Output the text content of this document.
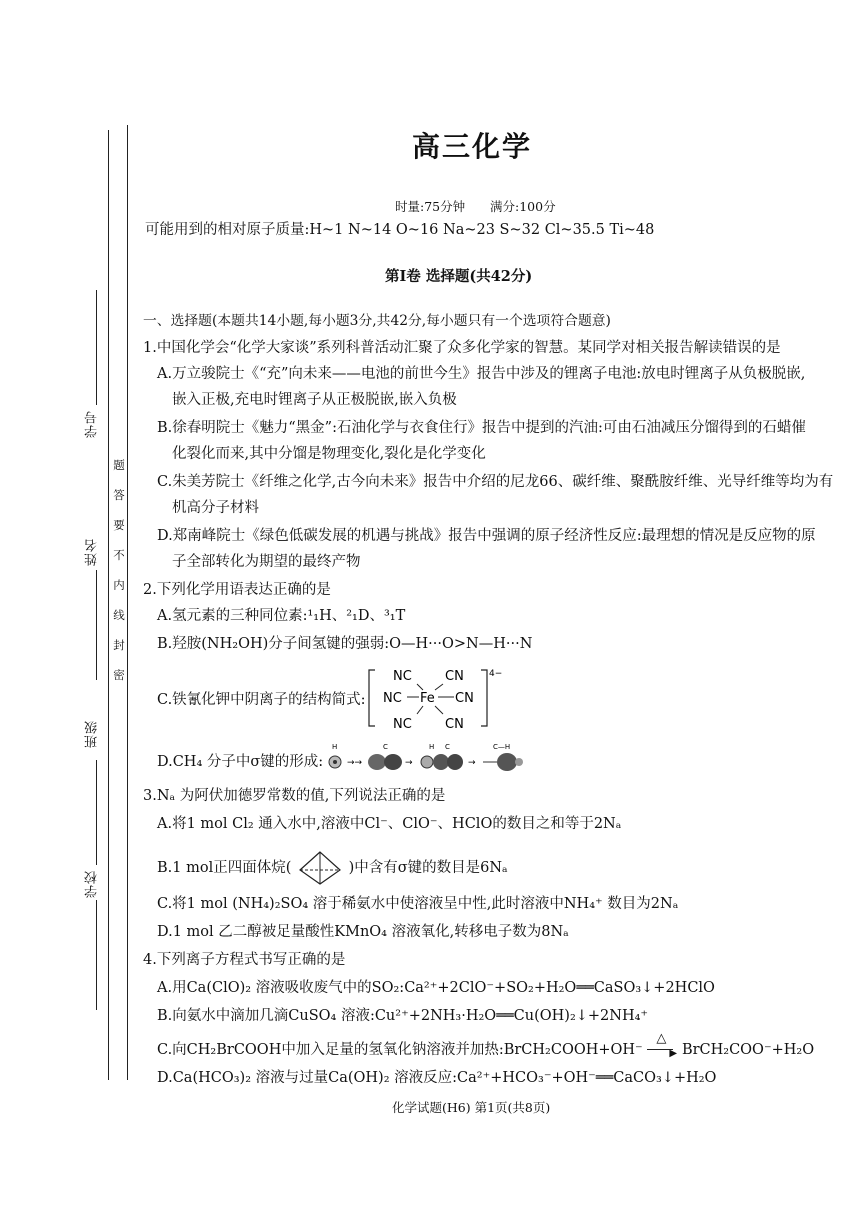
学号
姓名
班级
学校
题
答
要
不
内
线
封
密
高三化学
时量:75分钟 满分:100分
可能用到的相对原子质量:H~1 N~14 O~16 Na~23 S~32 Cl~35.5 Ti~48
第Ⅰ卷 选择题(共42分)
一、选择题(本题共14小题,每小题3分,共42分,每小题只有一个选项符合题意)
1.中国化学会“化学大家谈”系列科普活动汇聚了众多化学家的智慧。某同学对相关报告解读错误的是
A.万立骏院士《“充”向未来——电池的前世今生》报告中涉及的锂离子电池:放电时锂离子从负极脱嵌,
嵌入正极,充电时锂离子从正极脱嵌,嵌入负极
B.徐春明院士《魅力“黑金”:石油化学与衣食住行》报告中提到的汽油:可由石油减压分馏得到的石蜡催
化裂化而来,其中分馏是物理变化,裂化是化学变化
C.朱美芳院士《纤维之化学,古今向未来》报告中介绍的尼龙66、碳纤维、聚酰胺纤维、光导纤维等均为有
机高分子材料
D.郑南峰院士《绿色低碳发展的机遇与挑战》报告中强调的原子经济性反应:最理想的情况是反应物的原
子全部转化为期望的最终产物
2.下列化学用语表达正确的是
A.氢元素的三种同位素:¹₁H、²₁D、³₁T
B.羟胺(NH₂OH)分子间氢键的强弱:O—H···O>N—H···N
C.铁氰化钾中阴离子的结构简式:
NC	CN
NC Fe CN
NC	CN
4−
D.CH₄ 分子中σ键的形成:
H
→→
C
→
H C
→
C—H
3.Nₐ 为阿伏加德罗常数的值,下列说法正确的是
A.将1 mol Cl₂ 通入水中,溶液中Cl⁻、ClO⁻、HClO的数目之和等于2Nₐ
B.1 mol正四面体烷(	)中含有σ键的数目是6Nₐ
C.将1 mol (NH₄)₂SO₄ 溶于稀氨水中使溶液呈中性,此时溶液中NH₄⁺ 数目为2Nₐ
D.1 mol 乙二醇被足量酸性KMnO₄ 溶液氧化,转移电子数为8Nₐ
4.下列离子方程式书写正确的是
A.用Ca(ClO)₂ 溶液吸收废气中的SO₂:Ca²⁺+2ClO⁻+SO₂+H₂O══CaSO₃↓+2HClO
B.向氨水中滴加几滴CuSO₄ 溶液:Cu²⁺+2NH₃·H₂O══Cu(OH)₂↓+2NH₄⁺
C.向CH₂BrCOOH中加入足量的氢氧化钠溶液并加热:BrCH₂COOH+OH⁻
△
▶ BrCH₂COO⁻+H₂O
D.Ca(HCO₃)₂ 溶液与过量Ca(OH)₂ 溶液反应:Ca²⁺+HCO₃⁻+OH⁻══CaCO₃↓+H₂O
化学试题(H6) 第1页(共8页)
